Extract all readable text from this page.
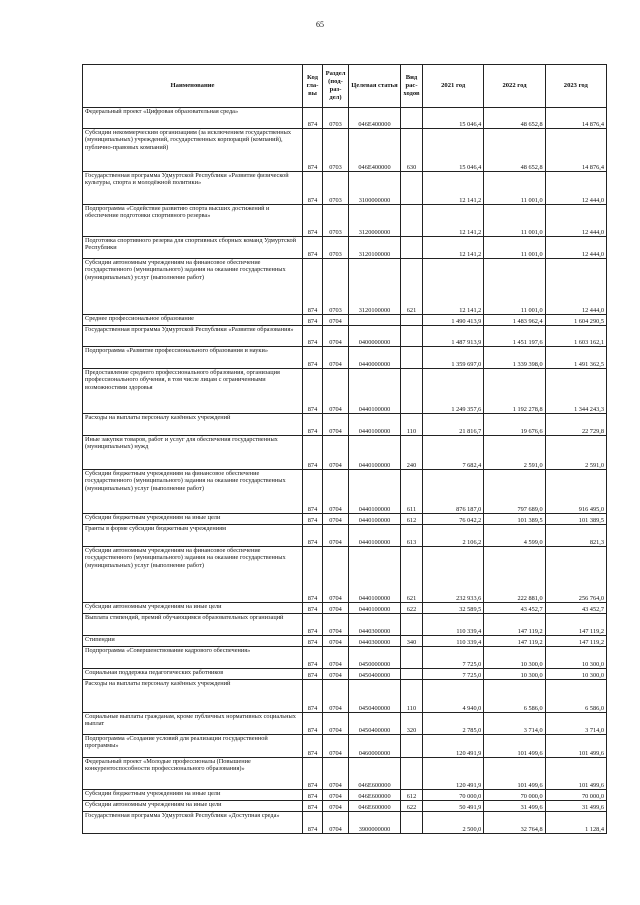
65
Наименование	Код гла-вы	Раздел (под-раз-дел)	Целевая статья	Вид рас-ходов	2021 год	2022 год	2023 год
Федеральный проект «Цифровая образовательная среда»	874	0703	046E400000		15 046,4	48 652,8	14 876,4
Субсидии некоммерческим организациям (за исключением государственных (муниципальных) учреждений, государственных корпораций (компаний), публично-правовых компаний)	874	0703	046E400000	630	15 046,4	48 652,8	14 876,4
Государственная программа Удмуртской Республики «Развитие физической культуры, спорта и молодёжной политики»	874	0703	3100000000		12 141,2	11 001,0	12 444,0
Подпрограмма «Содействие развитию спорта высших достижений и обеспечение подготовки спортивного резерва»	874	0703	3120000000		12 141,2	11 001,0	12 444,0
Подготовка спортивного резерва для спортивных сборных команд Удмуртской Республики	874	0703	3120100000		12 141,2	11 001,0	12 444,0
Субсидии автономным учреждениям на финансовое обеспечение государственного (муниципального) задания на оказание государственных (муниципальных) услуг (выполнение работ)	874	0703	3120100000	621	12 141,2	11 001,0	12 444,0
Среднее профессиональное образование	874	0704			1 490 413,9	1 483 962,4	1 604 290,5
Государственная программа Удмуртской Республики «Развитие образования»	874	0704	0400000000		1 487 913,9	1 451 197,6	1 603 162,1
Подпрограмма «Развитие профессионального образования и науки»	874	0704	0440000000		1 359 697,0	1 339 398,0	1 491 362,5
Предоставление среднего профессионального образования, организация профессионального обучения, в том числе лицам с ограниченными возможностями здоровья	874	0704	0440100000		1 249 357,6	1 192 278,8	1 344 243,3
Расходы на выплаты персоналу казённых учреждений	874	0704	0440100000	110	21 816,7	19 676,6	22 729,8
Иные закупки товаров, работ и услуг для обеспечения государственных (муниципальных) нужд	874	0704	0440100000	240	7 682,4	2 591,0	2 591,0
Субсидии бюджетным учреждениям на финансовое обеспечение государственного (муниципального) задания на оказание государственных (муниципальных) услуг (выполнение работ)	874	0704	0440100000	611	876 187,0	797 689,0	916 495,0
Субсидии бюджетным учреждениям на иные цели	874	0704	0440100000	612	76 042,2	101 389,5	101 389,5
Гранты в форме субсидии бюджетным учреждениям	874	0704	0440100000	613	2 106,2	4 599,0	821,3
Субсидии автономным учреждениям на финансовое обеспечение государственного (муниципального) задания на оказание государственных (муниципальных) услуг (выполнение работ)	874	0704	0440100000	621	232 933,6	222 881,0	256 764,0
Субсидии автономным учреждениям на иные цели	874	0704	0440100000	622	32 589,5	43 452,7	43 452,7
Выплата стипендий, премий обучающимся образовательных организаций	874	0704	0440300000		110 339,4	147 119,2	147 119,2
Стипендии	874	0704	0440300000	340	110 339,4	147 119,2	147 119,2
Подпрограмма «Совершенствование кадрового обеспечения»	874	0704	0450000000		7 725,0	10 300,0	10 300,0
Социальная поддержка педагогических работников	874	0704	0450400000		7 725,0	10 300,0	10 300,0
Расходы на выплаты персоналу казённых учреждений	874	0704	0450400000	110	4 940,0	6 586,0	6 586,0
Социальные выплаты гражданам, кроме публичных нормативных социальных выплат	874	0704	0450400000	320	2 785,0	3 714,0	3 714,0
Подпрограмма «Создание условий для реализации государственной программы»	874	0704	0460000000		120 491,9	101 499,6	101 499,6
Федеральный проект «Молодые профессионалы (Повышение конкурентоспособности профессионального образования)»	874	0704	046E600000		120 491,9	101 499,6	101 499,6
Субсидии бюджетным учреждениям на иные цели	874	0704	046E600000	612	70 000,0	70 000,0	70 000,0
Субсидии автономным учреждениям на иные цели	874	0704	046E600000	622	50 491,9	31 499,6	31 499,6
Государственная программа Удмуртской Республики «Доступная среда»	874	0704	3900000000		2 500,0	32 764,8	1 128,4
